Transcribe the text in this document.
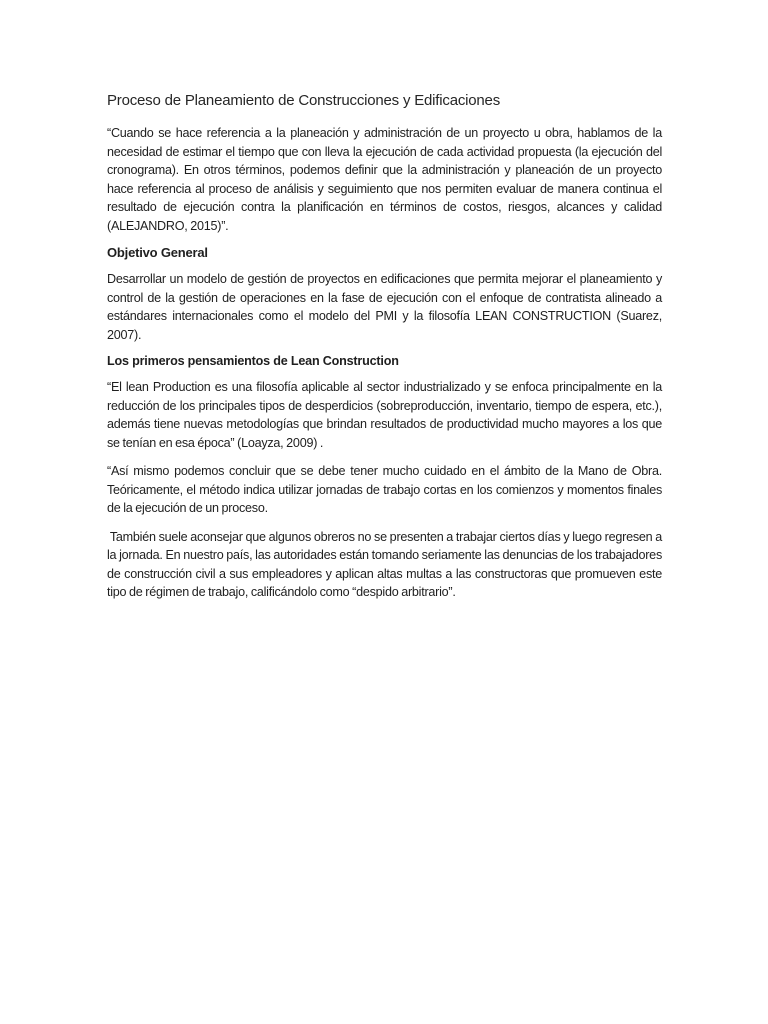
Proceso de Planeamiento de Construcciones y Edificaciones

“Cuando se hace referencia a la planeación y administración de un proyecto u obra, hablamos de la necesidad de estimar el tiempo que con lleva la ejecución de cada actividad propuesta (la ejecución del cronograma). En otros términos, podemos definir que la administración y planeación de un proyecto hace referencia al proceso de análisis y seguimiento que nos permiten evaluar de manera continua el resultado de ejecución contra la planificación en términos de costos, riesgos, alcances y calidad (ALEJANDRO, 2015)”.

Objetivo General

Desarrollar un modelo de gestión de proyectos en edificaciones que permita mejorar el planeamiento y control de la gestión de operaciones en la fase de ejecución con el enfoque de contratista alineado a estándares internacionales como el modelo del PMI y la filosofía LEAN CONSTRUCTION (Suarez, 2007).

Los primeros pensamientos de Lean Construction

“El lean Production es una filosofía aplicable al sector industrializado y se enfoca principalmente en la reducción de los principales tipos de desperdicios (sobreproducción, inventario, tiempo de espera, etc.), además tiene nuevas metodologías que brindan resultados de productividad mucho mayores a los que se tenían en esa época” (Loayza, 2009) .

“Así mismo podemos concluir que se debe tener mucho cuidado en el ámbito de la Mano de Obra. Teóricamente, el método indica utilizar jornadas de trabajo cortas en los comienzos y momentos finales de la ejecución de un proceso.

También suele aconsejar que algunos obreros no se presenten a trabajar ciertos días y luego regresen a la jornada. En nuestro país, las autoridades están tomando seriamente las denuncias de los trabajadores de construcción civil a sus empleadores y aplican altas multas a las constructoras que promueven este tipo de régimen de trabajo, calificándolo como “despido arbitrario”.
